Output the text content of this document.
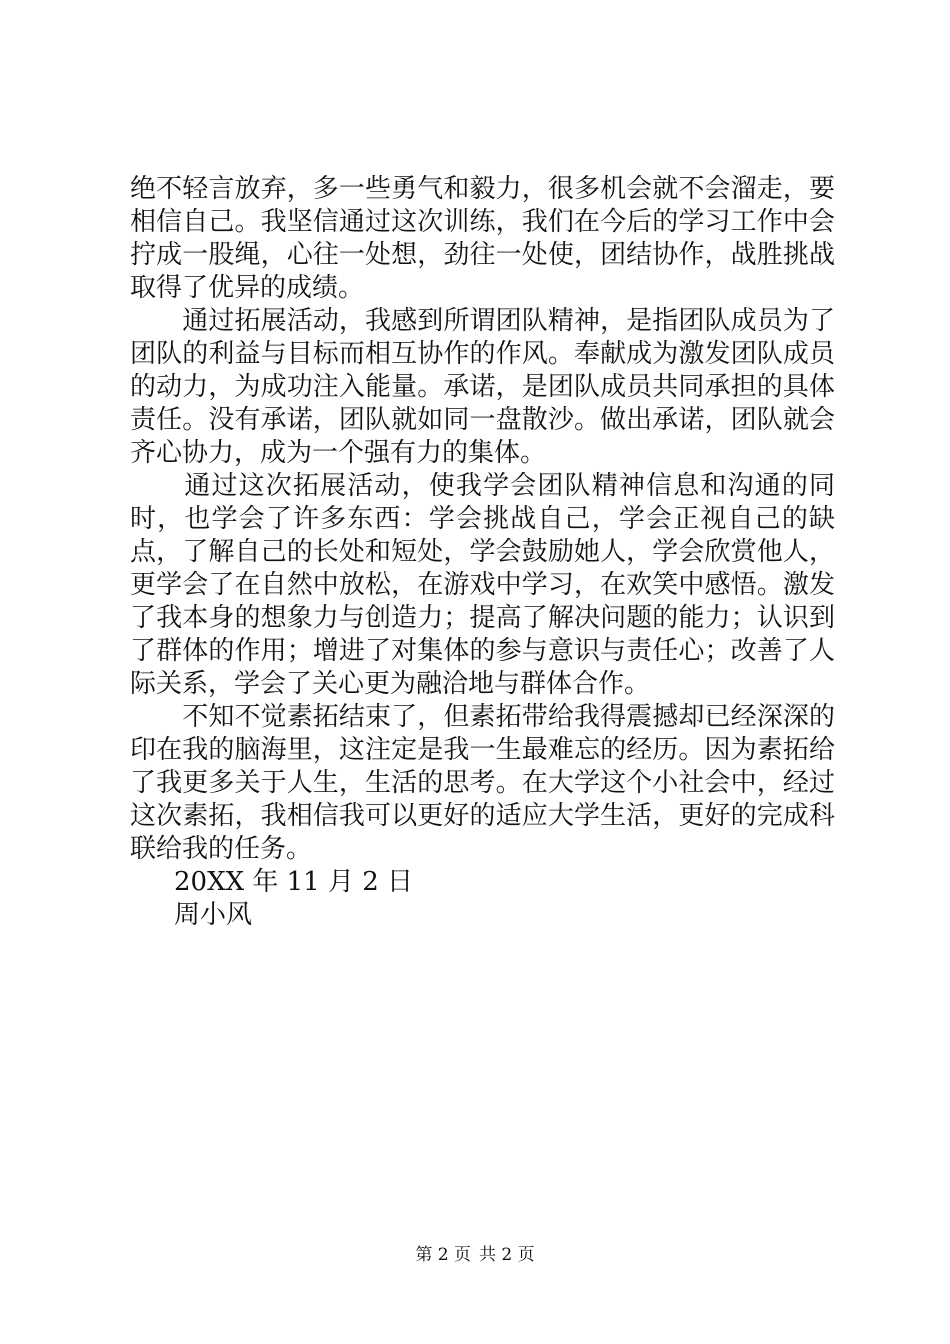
绝不轻言放弃，多一些勇气和毅力，很多机会就不会溜走，要相信自己。我坚信通过这次训练，我们在今后的学习工作中会拧成一股绳，心往一处想，劲往一处使，团结协作，战胜挑战取得了优异的成绩。

　　通过拓展活动，我感到所谓团队精神，是指团队成员为了团队的利益与目标而相互协作的作风。奉献成为激发团队成员的动力，为成功注入能量。承诺，是团队成员共同承担的具体责任。没有承诺，团队就如同一盘散沙。做出承诺，团队就会齐心协力，成为一个强有力的集体。

　　通过这次拓展活动，使我学会团队精神信息和沟通的同时，也学会了许多东西：学会挑战自己，学会正视自己的缺点，了解自己的长处和短处，学会鼓励她人，学会欣赏他人，更学会了在自然中放松，在游戏中学习，在欢笑中感悟。激发了我本身的想象力与创造力；提高了解决问题的能力；认识到了群体的作用；增进了对集体的参与意识与责任心；改善了人际关系，学会了关心更为融洽地与群体合作。

　　不知不觉素拓结束了，但素拓带给我得震撼却已经深深的印在我的脑海里，这注定是我一生最难忘的经历。因为素拓给了我更多关于人生，生活的思考。在大学这个小社会中，经过这次素拓，我相信我可以更好的适应大学生活，更好的完成科联给我的任务。

20XX 年 11 月 2 日

周小风

第 2 页 共 2 页
